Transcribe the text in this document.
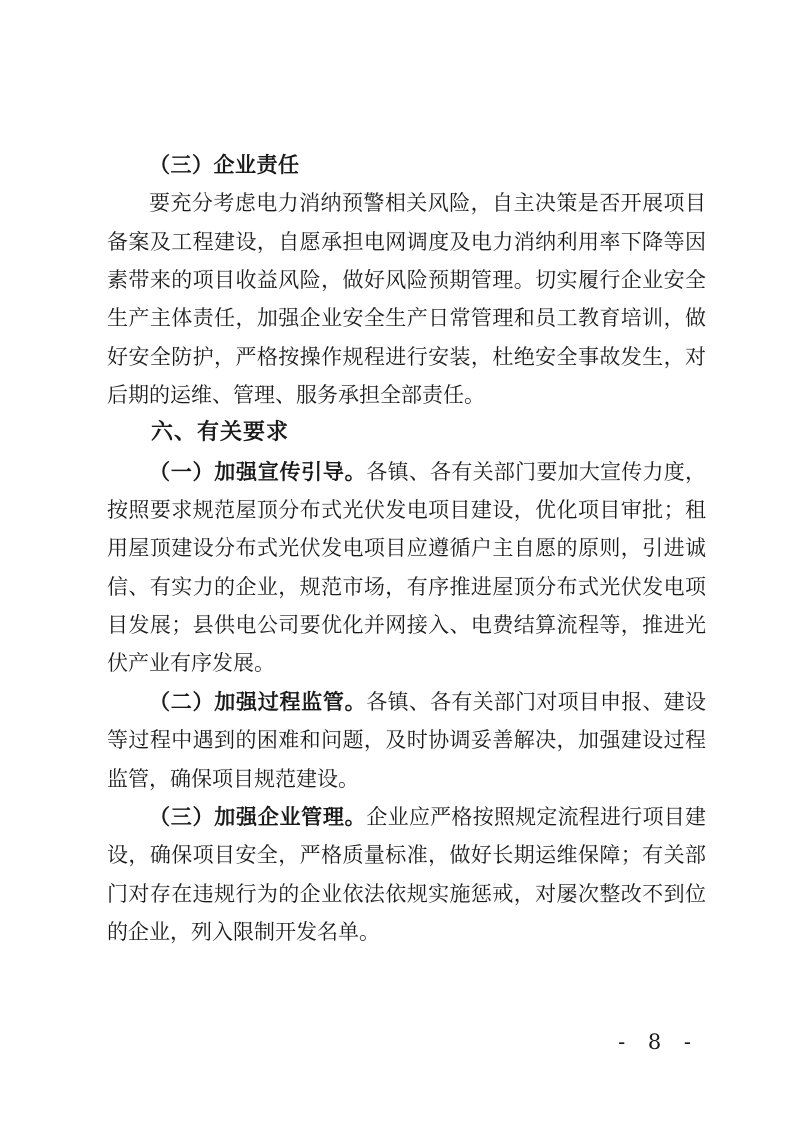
（三）企业责任
要充分考虑电力消纳预警相关风险，自主决策是否开展项目
备案及工程建设，自愿承担电网调度及电力消纳利用率下降等因
素带来的项目收益风险，做好风险预期管理。切实履行企业安全
生产主体责任，加强企业安全生产日常管理和员工教育培训，做
好安全防护，严格按操作规程进行安装，杜绝安全事故发生，对
后期的运维、管理、服务承担全部责任。
六、有关要求
（一）加强宣传引导。各镇、各有关部门要加大宣传力度，
按照要求规范屋顶分布式光伏发电项目建设，优化项目审批；租
用屋顶建设分布式光伏发电项目应遵循户主自愿的原则，引进诚
信、有实力的企业，规范市场，有序推进屋顶分布式光伏发电项
目发展；县供电公司要优化并网接入、电费结算流程等，推进光
伏产业有序发展。
（二）加强过程监管。各镇、各有关部门对项目申报、建设
等过程中遇到的困难和问题，及时协调妥善解决，加强建设过程
监管，确保项目规范建设。
（三）加强企业管理。企业应严格按照规定流程进行项目建
设，确保项目安全，严格质量标准，做好长期运维保障；有关部
门对存在违规行为的企业依法依规实施惩戒，对屡次整改不到位
的企业，列入限制开发名单。
- 8 -
